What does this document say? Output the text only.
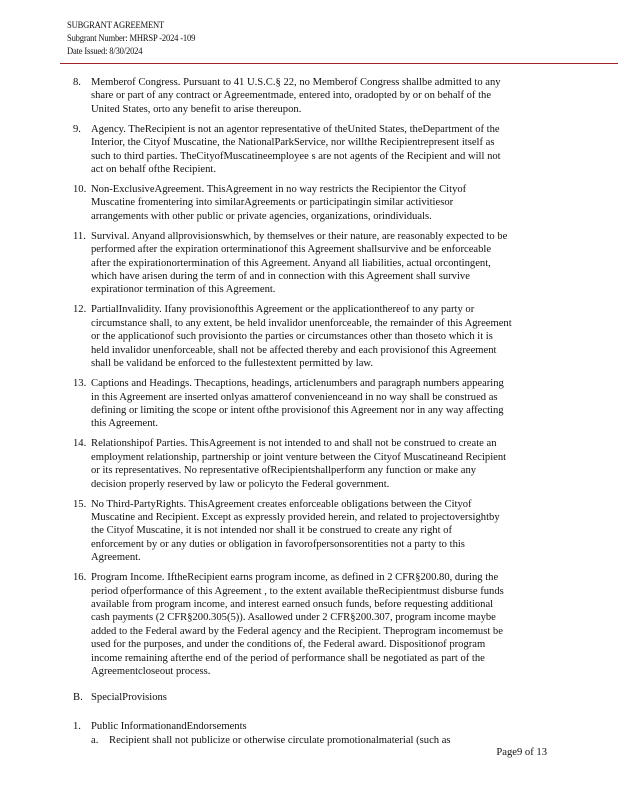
SUBGRANT AGREEMENT
Subgrant Number: MHRSP -2024 -109
Date Issued: 8/30/2024
8. Memberof Congress. Pursuant to 41 U.S.C.§ 22, no Memberof Congress shallbe admitted to any
share or part of any contract or Agreementmade, entered into, oradopted by or on behalf of the
United States, orto any benefit to arise thereupon.
9. Agency. TheRecipient is not an agentor representative of theUnited States, theDepartment of the
Interior, the Cityof Muscatine, the NationalParkService, nor willthe Recipientrepresent itself as
such to third parties. TheCityofMuscatineemployee s are not agents of the Recipient and will not
act on behalf ofthe Recipient.
10. Non-ExclusiveAgreement. ThisAgreement in no way restricts the Recipientor the Cityof
Muscatine fromentering into similarAgreements or participatingin similar activitiesor
arrangements with other public or private agencies, organizations, orindividuals.
11. Survival. Anyand allprovisionswhich, by themselves or their nature, are reasonably expected to be
performed after the expiration orterminationof this Agreement shallsurvive and be enforceable
after the expirationortermination of this Agreement. Anyand all liabilities, actual orcontingent,
which have arisen during the term of and in connection with this Agreement shall survive
expirationor termination of this Agreement.
12. PartialInvalidity. Ifany provisionofthis Agreement or the applicationthereof to any party or
circumstance shall, to any extent, be held invalidor unenforceable, the remainder of this Agreement
or the applicationof such provisionto the parties or circumstances other than thoseto which it is
held invalidor unenforceable, shall not be affected thereby and each provisionof this Agreement
shall be validand be enforced to the fullestextent permitted by law.
13. Captions and Headings. Thecaptions, headings, articlenumbers and paragraph numbers appearing
in this Agreement are inserted onlyas amatterof convenienceand in no way shall be construed as
defining or limiting the scope or intent ofthe provisionof this Agreement nor in any way affecting
this Agreement.
14. Relationshipof Parties. ThisAgreement is not intended to and shall not be construed to create an
employment relationship, partnership or joint venture between the Cityof Muscatineand Recipient
or its representatives. No representative ofRecipientshallperform any function or make any
decision properly reserved by law or policyto the Federal government.
15. No Third-PartyRights. ThisAgreement creates enforceable obligations between the Cityof
Muscatine and Recipient. Except as expressly provided herein, and related to projectoversightby
the Cityof Muscatine, it is not intended nor shall it be construed to create any right of
enforcement by or any duties or obligation in favorofpersonsorentities not a party to this
Agreement.
16. Program Income. IftheRecipient earns program income, as defined in 2 CFR§200.80, during the
period ofperformance of this Agreement , to the extent available theRecipientmust disburse funds
available from program income, and interest earned onsuch funds, before requesting additional
cash payments (2 CFR§200.305(5)). Asallowed under 2 CFR§200.307, program income maybe
added to the Federal award by the Federal agency and the Recipient. Theprogram incomemust be
used for the purposes, and under the conditions of, the Federal award. Dispositionof program
income remaining afterthe end of the period of performance shall be negotiated as part of the
Agreementcloseout process.
B. SpecialProvisions
1. Public InformationandEndorsements
a. Recipient shall not publicize or otherwise circulate promotionalmaterial (such as
Page9 of 13
